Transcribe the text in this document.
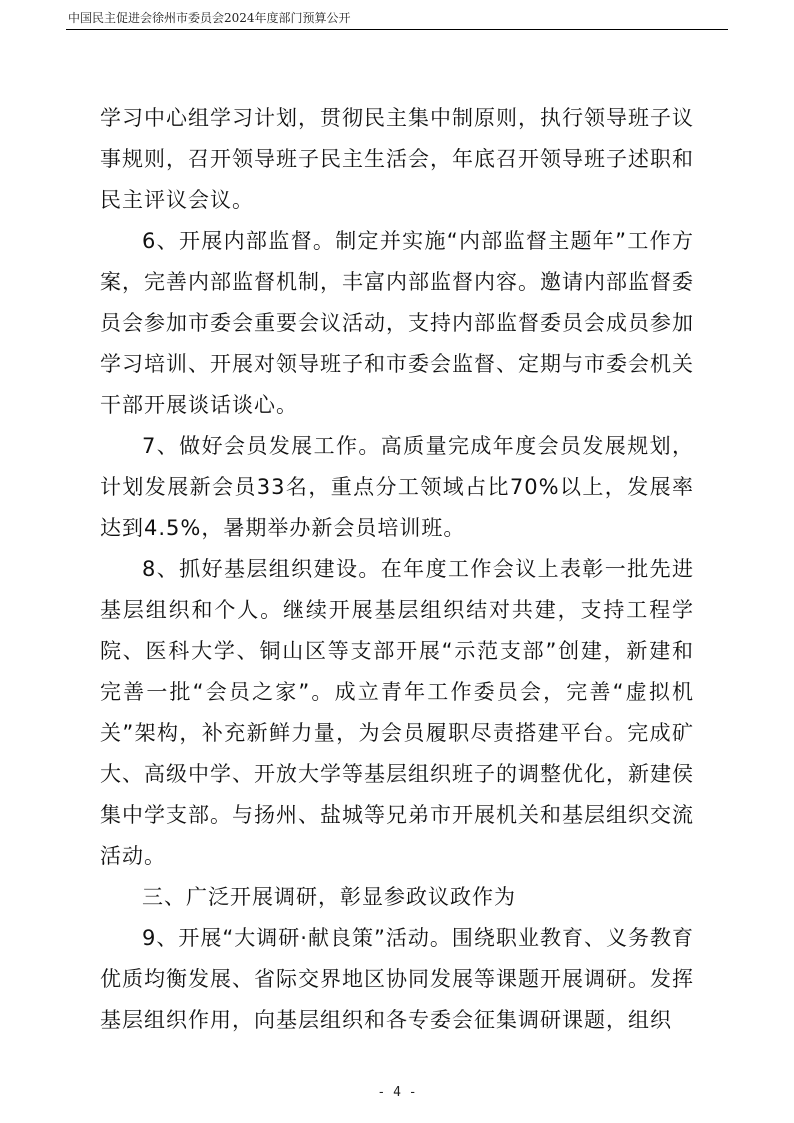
中国民主促进会徐州市委员会2024年度部门预算公开

学习中心组学习计划，贯彻民主集中制原则，执行领导班子议事规则，召开领导班子民主生活会，年底召开领导班子述职和民主评议会议。

6、开展内部监督。制定并实施“内部监督主题年”工作方案，完善内部监督机制，丰富内部监督内容。邀请内部监督委员会参加市委会重要会议活动，支持内部监督委员会成员参加学习培训、开展对领导班子和市委会监督、定期与市委会机关干部开展谈话谈心。

7、做好会员发展工作。高质量完成年度会员发展规划，计划发展新会员33名，重点分工领域占比70%以上，发展率达到4.5%，暑期举办新会员培训班。

8、抓好基层组织建设。在年度工作会议上表彰一批先进基层组织和个人。继续开展基层组织结对共建，支持工程学院、医科大学、铜山区等支部开展“示范支部”创建，新建和完善一批“会员之家”。成立青年工作委员会，完善“虚拟机关”架构，补充新鲜力量，为会员履职尽责搭建平台。完成矿大、高级中学、开放大学等基层组织班子的调整优化，新建侯集中学支部。与扬州、盐城等兄弟市开展机关和基层组织交流活动。

三、广泛开展调研，彰显参政议政作为

9、开展“大调研·献良策”活动。围绕职业教育、义务教育优质均衡发展、省际交界地区协同发展等课题开展调研。发挥基层组织作用，向基层组织和各专委会征集调研课题，组织

- 4 -
